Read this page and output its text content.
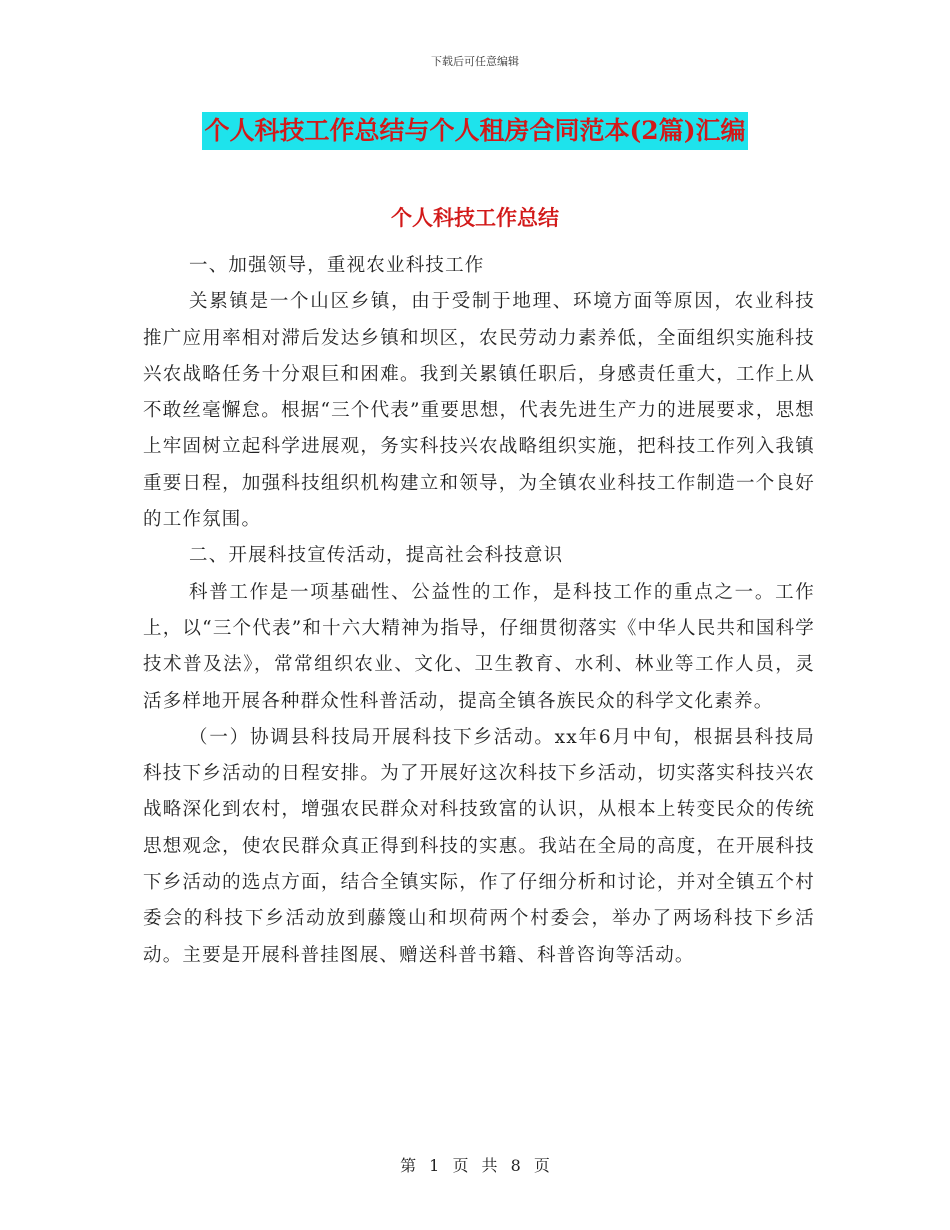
下载后可任意编辑
个人科技工作总结与个人租房合同范本(2篇)汇编
个人科技工作总结

一、加强领导，重视农业科技工作

关累镇是一个山区乡镇，由于受制于地理、环境方面等原因，农业科技推广应用率相对滞后发达乡镇和坝区，农民劳动力素养低，全面组织实施科技兴农战略任务十分艰巨和困难。我到关累镇任职后，身感责任重大，工作上从不敢丝毫懈怠。根据“三个代表”重要思想，代表先进生产力的进展要求，思想上牢固树立起科学进展观，务实科技兴农战略组织实施，把科技工作列入我镇重要日程，加强科技组织机构建立和领导，为全镇农业科技工作制造一个良好的工作氛围。

二、开展科技宣传活动，提高社会科技意识

科普工作是一项基础性、公益性的工作，是科技工作的重点之一。工作上，以“三个代表”和十六大精神为指导，仔细贯彻落实《中华人民共和国科学技术普及法》，常常组织农业、文化、卫生教育、水利、林业等工作人员，灵活多样地开展各种群众性科普活动，提高全镇各族民众的科学文化素养。

（一）协调县科技局开展科技下乡活动。xx年6月中旬，根据县科技局科技下乡活动的日程安排。为了开展好这次科技下乡活动，切实落实科技兴农战略深化到农村，增强农民群众对科技致富的认识，从根本上转变民众的传统思想观念，使农民群众真正得到科技的实惠。我站在全局的高度，在开展科技下乡活动的选点方面，结合全镇实际，作了仔细分析和讨论，并对全镇五个村委会的科技下乡活动放到藤篾山和坝荷两个村委会，举办了两场科技下乡活动。主要是开展科普挂图展、赠送科普书籍、科普咨询等活动。

第 1 页 共 8 页
